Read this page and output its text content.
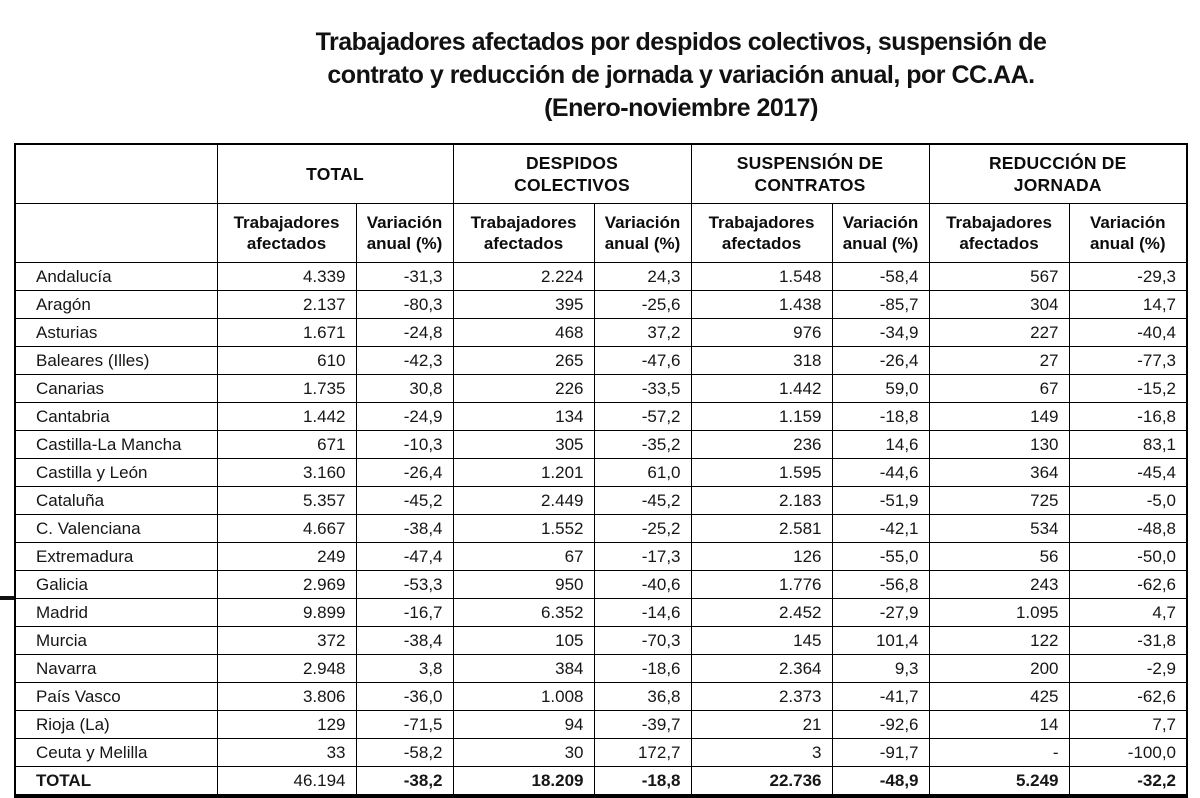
Trabajadores afectados por despidos colectivos, suspensión de
contrato y reducción de jornada y variación anual, por CC.AA.
(Enero-noviembre 2017)
	TOTAL		DESPIDOS COLECTIVOS		SUSPENSIÓN DE CONTRATOS		REDUCCIÓN DE JORNADA	
	Trabajadores afectados	Variación anual (%)	Trabajadores afectados	Variación anual (%)	Trabajadores afectados	Variación anual (%)	Trabajadores afectados	Variación anual (%)
Andalucía	4.339	-31,3	2.224	24,3	1.548	-58,4	567	-29,3
Aragón	2.137	-80,3	395	-25,6	1.438	-85,7	304	14,7
Asturias	1.671	-24,8	468	37,2	976	-34,9	227	-40,4
Baleares (Illes)	610	-42,3	265	-47,6	318	-26,4	27	-77,3
Canarias	1.735	30,8	226	-33,5	1.442	59,0	67	-15,2
Cantabria	1.442	-24,9	134	-57,2	1.159	-18,8	149	-16,8
Castilla-La Mancha	671	-10,3	305	-35,2	236	14,6	130	83,1
Castilla y León	3.160	-26,4	1.201	61,0	1.595	-44,6	364	-45,4
Cataluña	5.357	-45,2	2.449	-45,2	2.183	-51,9	725	-5,0
C. Valenciana	4.667	-38,4	1.552	-25,2	2.581	-42,1	534	-48,8
Extremadura	249	-47,4	67	-17,3	126	-55,0	56	-50,0
Galicia	2.969	-53,3	950	-40,6	1.776	-56,8	243	-62,6
Madrid	9.899	-16,7	6.352	-14,6	2.452	-27,9	1.095	4,7
Murcia	372	-38,4	105	-70,3	145	101,4	122	-31,8
Navarra	2.948	3,8	384	-18,6	2.364	9,3	200	-2,9
País Vasco	3.806	-36,0	1.008	36,8	2.373	-41,7	425	-62,6
Rioja (La)	129	-71,5	94	-39,7	21	-92,6	14	7,7
Ceuta y Melilla	33	-58,2	30	172,7	3	-91,7	-	-100,0
TOTAL	46.194	-38,2	18.209	-18,8	22.736	-48,9	5.249	-32,2
